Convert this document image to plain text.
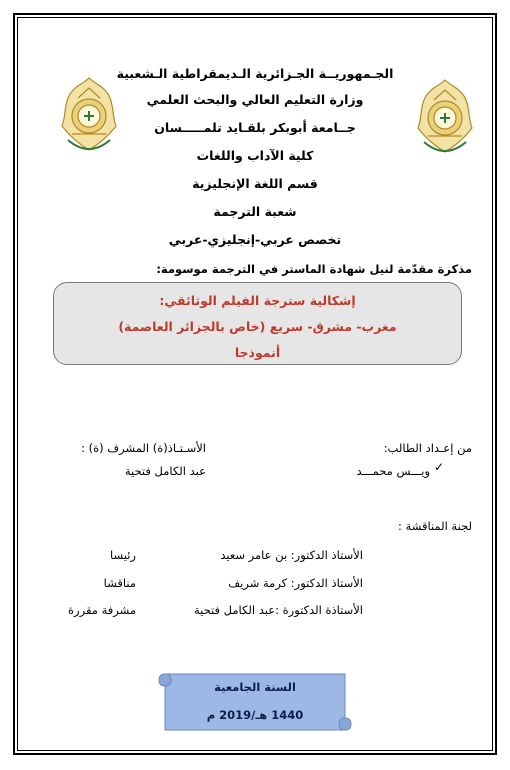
الجـمهوريــة الجـزائرية الـديمقراطية الـشعبية
وزارة التعليم العالي والبحث العلمي
جــامعة أبوبكر بلقـايد تلمـــــسان
كلية الآداب واللغات
قسم اللغة الإنجليزية
شعبة الترجمة
تخصص عربي-إنجليزي-عربي
مذكرة مقدّمة لنيل شهادة الماستر في الترجمة موسومة:
إشكالية سترجة الفيلم الوثائقي:
مغرب- مشرق- سريع (خاص بالجزائر العاصمة)
أنموذجا
من إعـداد الطالب:
الأسـتـاذ(ة) المشرف (ة) :
✓
ويـــس محمـــد
عبد الكامل فتحية
لجنة المناقشة :
الأستاذ الدكتور: بن عامر سعيد
رئيسا
الأستاذ الدكتور: كرمة شريف
مناقشا
الأستاذة الدكتورة :عبد الكامل فتحية
مشرفة مقررة
السنة الجامعية
1440 هـ/2019 م
